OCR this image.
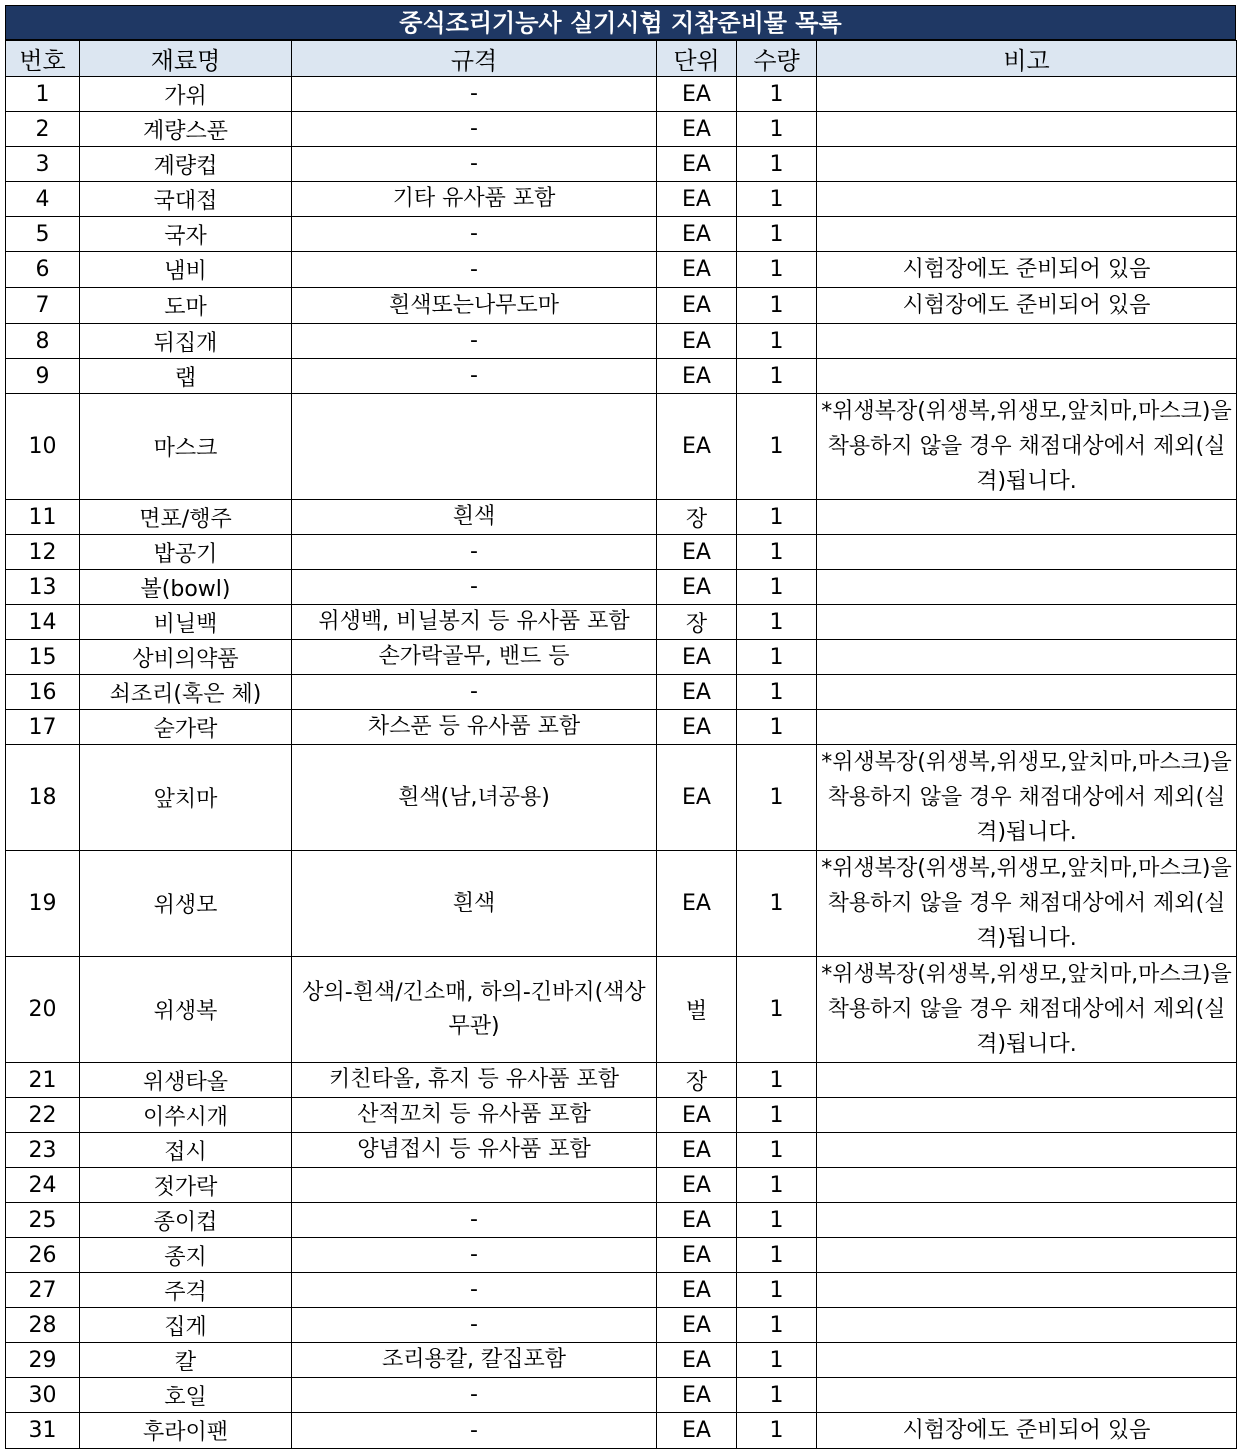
중식조리기능사 실기시험 지참준비물 목록
번호	재료명	규격	단위	수량	비고
1	가위	-	EA	1	
2	계량스푼	-	EA	1	
3	계량컵	-	EA	1	
4	국대접	기타 유사품 포함	EA	1	
5	국자	-	EA	1	
6	냄비	-	EA	1	시험장에도 준비되어 있음
7	도마	흰색또는나무도마	EA	1	시험장에도 준비되어 있음
8	뒤집개	-	EA	1	
9	랩	-	EA	1	
10	마스크		EA	1	*위생복장(위생복,위생모,앞치마,마스크)을 착용하지 않을 경우 채점대상에서 제외(실격)됩니다.
11	면포/행주	흰색	장	1	
12	밥공기	-	EA	1	
13	볼(bowl)	-	EA	1	
14	비닐백	위생백, 비닐봉지 등 유사품 포함	장	1	
15	상비의약품	손가락골무, 밴드 등	EA	1	
16	쇠조리(혹은 체)	-	EA	1	
17	숟가락	차스푼 등 유사품 포함	EA	1	
18	앞치마	흰색(남,녀공용)	EA	1	*위생복장(위생복,위생모,앞치마,마스크)을 착용하지 않을 경우 채점대상에서 제외(실격)됩니다.
19	위생모	흰색	EA	1	*위생복장(위생복,위생모,앞치마,마스크)을 착용하지 않을 경우 채점대상에서 제외(실격)됩니다.
20	위생복	상의-흰색/긴소매, 하의-긴바지(색상무관)	벌	1	*위생복장(위생복,위생모,앞치마,마스크)을 착용하지 않을 경우 채점대상에서 제외(실격)됩니다.
21	위생타올	키친타올, 휴지 등 유사품 포함	장	1	
22	이쑤시개	산적꼬치 등 유사품 포함	EA	1	
23	접시	양념접시 등 유사품 포함	EA	1	
24	젓가락		EA	1	
25	종이컵	-	EA	1	
26	종지	-	EA	1	
27	주걱	-	EA	1	
28	집게	-	EA	1	
29	칼	조리용칼, 칼집포함	EA	1	
30	호일	-	EA	1	
31	후라이팬	-	EA	1	시험장에도 준비되어 있음
